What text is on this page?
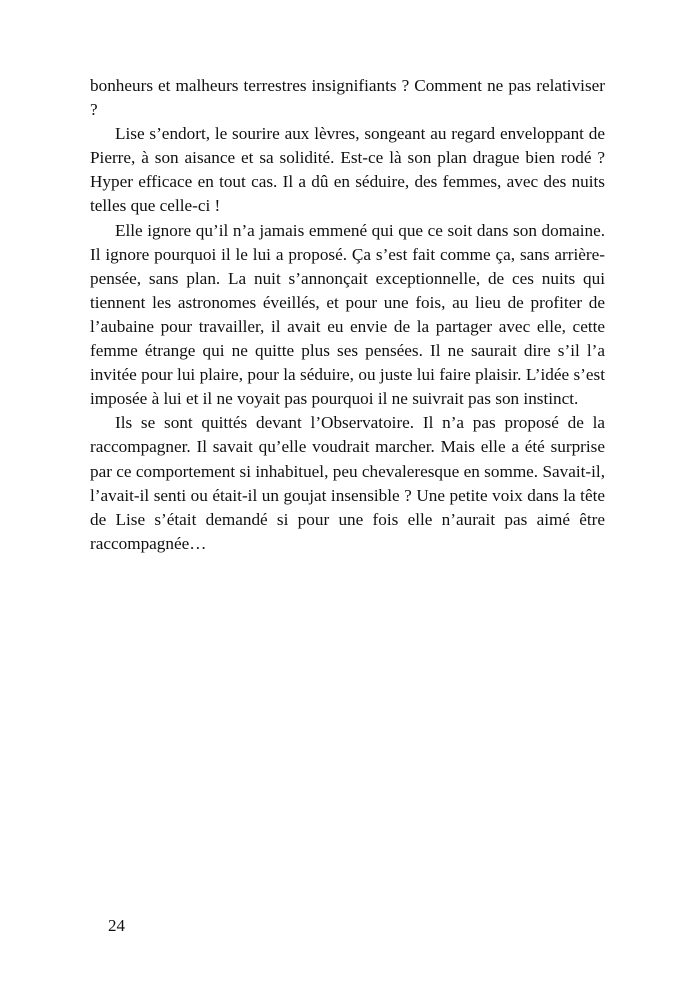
bonheurs et malheurs terrestres insignifiants ? Comment ne pas relativiser ?

Lise s’endort, le sourire aux lèvres, songeant au regard enveloppant de Pierre, à son aisance et sa solidité. Est-ce là son plan drague bien rodé ? Hyper efficace en tout cas. Il a dû en séduire, des femmes, avec des nuits telles que celle-ci !

Elle ignore qu’il n’a jamais emmené qui que ce soit dans son domaine. Il ignore pourquoi il le lui a proposé. Ça s’est fait comme ça, sans arrièrepensée, sans plan. La nuit s’annonçait exceptionnelle, de ces nuits qui tiennent les astronomes éveillés, et pour une fois, au lieu de profiter de l’aubaine pour travailler, il avait eu envie de la partager avec elle, cette femme étrange qui ne quitte plus ses pensées. Il ne saurait dire s’il l’a invitée pour lui plaire, pour la séduire, ou juste lui faire plaisir. L’idée s’est imposée à lui et il ne voyait pas pourquoi il ne suivrait pas son instinct.

Ils se sont quittés devant l’Observatoire. Il n’a pas proposé de la raccompagner. Il savait qu’elle voudrait marcher. Mais elle a été surprise par ce comportement si inhabituel, peu chevaleresque en somme. Savait-il, l’avait-il senti ou était-il un goujat insensible ? Une petite voix dans la tête de Lise s’était demandé si pour une fois elle n’aurait pas aimé être raccompagnée…

24
